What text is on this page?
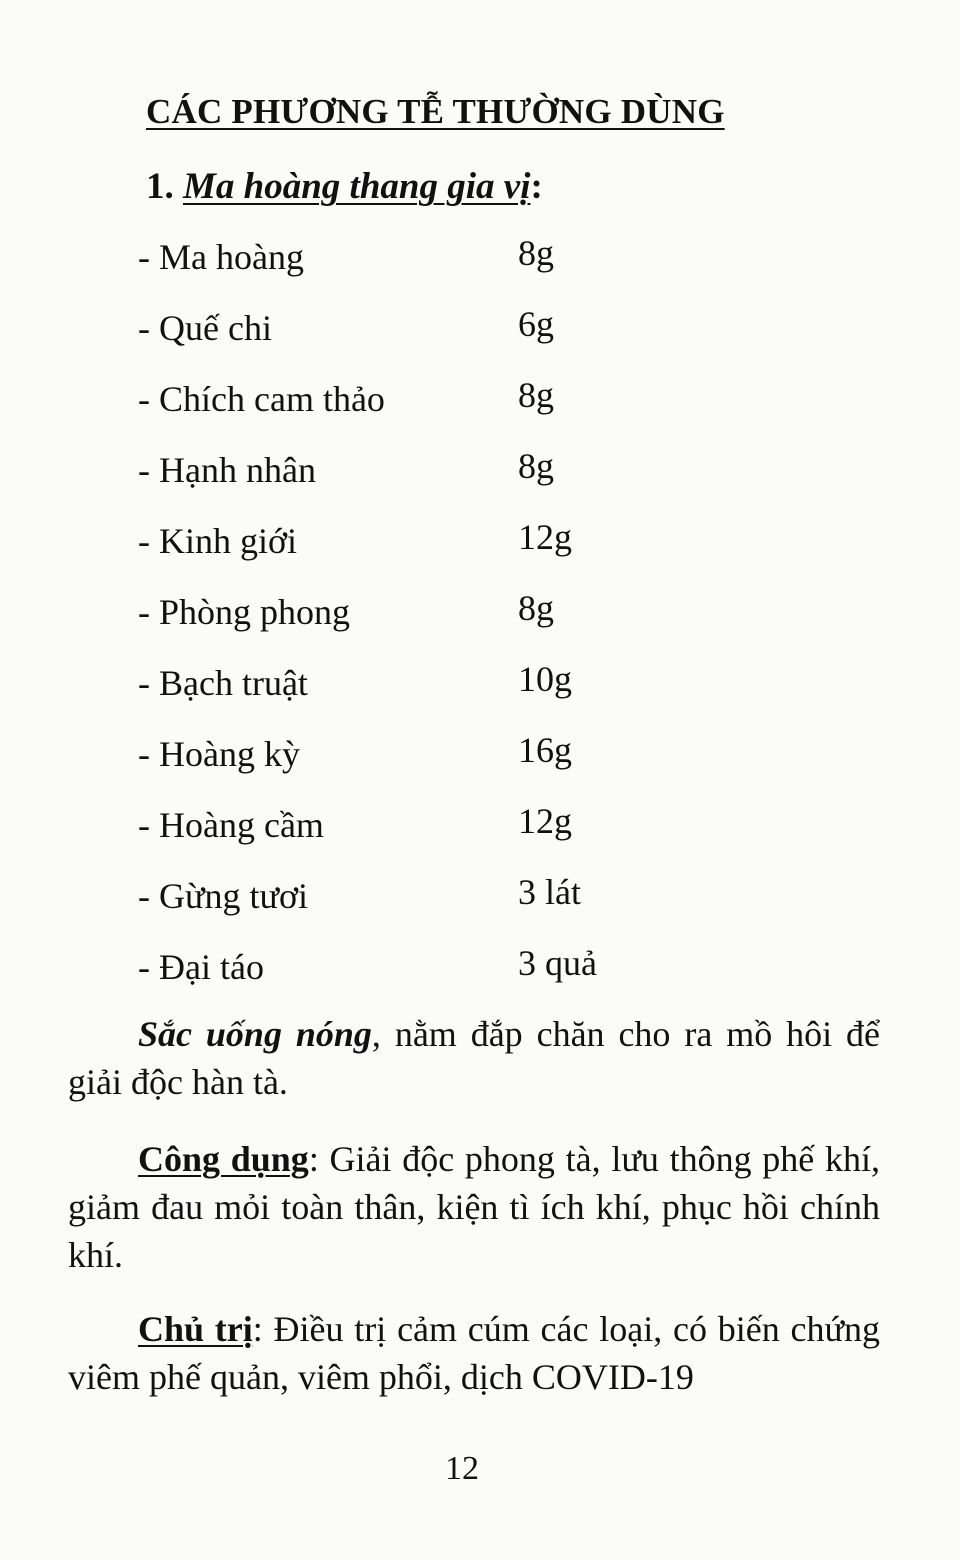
CÁC PHƯƠNG TỄ THƯỜNG DÙNG
1. Ma hoàng thang gia vị:
- Ma hoàng	8g
- Quế chi	6g
- Chích cam thảo	8g
- Hạnh nhân	8g
- Kinh giới	12g
- Phòng phong	8g
- Bạch truật	10g
- Hoàng kỳ	16g
- Hoàng cầm	12g
- Gừng tươi	3 lát
- Đại táo	3 quả
Sắc uống nóng, nằm đắp chăn cho ra mồ hôi để giải độc hàn tà.
Công dụng: Giải độc phong tà, lưu thông phế khí, giảm đau mỏi toàn thân, kiện tì ích khí, phục hồi chính khí.
Chủ trị: Điều trị cảm cúm các loại, có biến chứng viêm phế quản, viêm phổi, dịch COVID-19
12
